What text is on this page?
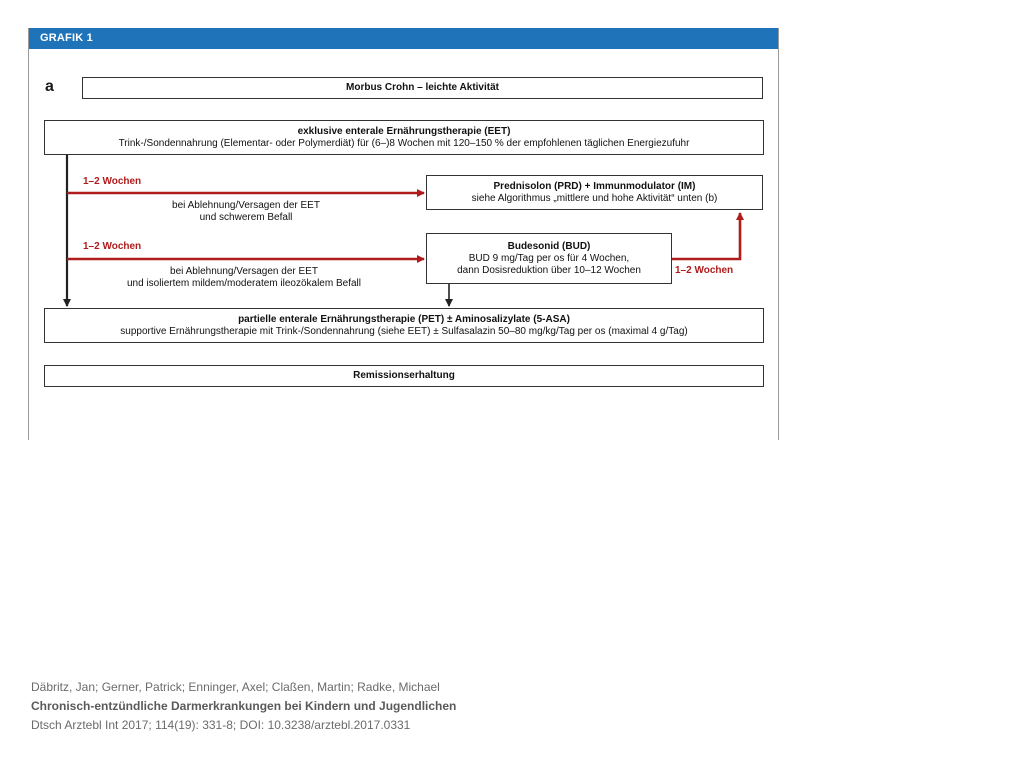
GRAFIK 1
a	Morbus Crohn – leichte Aktivität
exklusive enterale Ernährungstherapie (EET)
Trink-/Sondennahrung (Elementar- oder Polymerdiät) für (6–)8 Wochen mit 120–150 % der empfohlenen täglichen Energiezufuhr
Prednisolon (PRD) + Immunmodulator (IM)
siehe Algorithmus „mittlere und hohe Aktivität“ unten (b)
Budesonid (BUD)
BUD 9 mg/Tag per os für 4 Wochen,
dann Dosisreduktion über 10–12 Wochen
partielle enterale Ernährungstherapie (PET) ± Aminosalizylate (5-ASA)
supportive Ernährungstherapie mit Trink-/Sondennahrung (siehe EET) ± Sulfasalazin 50–80 mg/kg/Tag per os (maximal 4 g/Tag)
Remissionserhaltung
1–2 Wochen
1–2 Wochen
1–2 Wochen
bei Ablehnung/Versagen der EET
und schwerem Befall
bei Ablehnung/Versagen der EET
und isoliertem mildem/moderatem ileozökalem Befall
Däbritz, Jan; Gerner, Patrick; Enninger, Axel; Claßen, Martin; Radke, Michael
Chronisch-entzündliche Darmerkrankungen bei Kindern und Jugendlichen
Dtsch Arztebl Int 2017; 114(19): 331-8; DOI: 10.3238/arztebl.2017.0331
